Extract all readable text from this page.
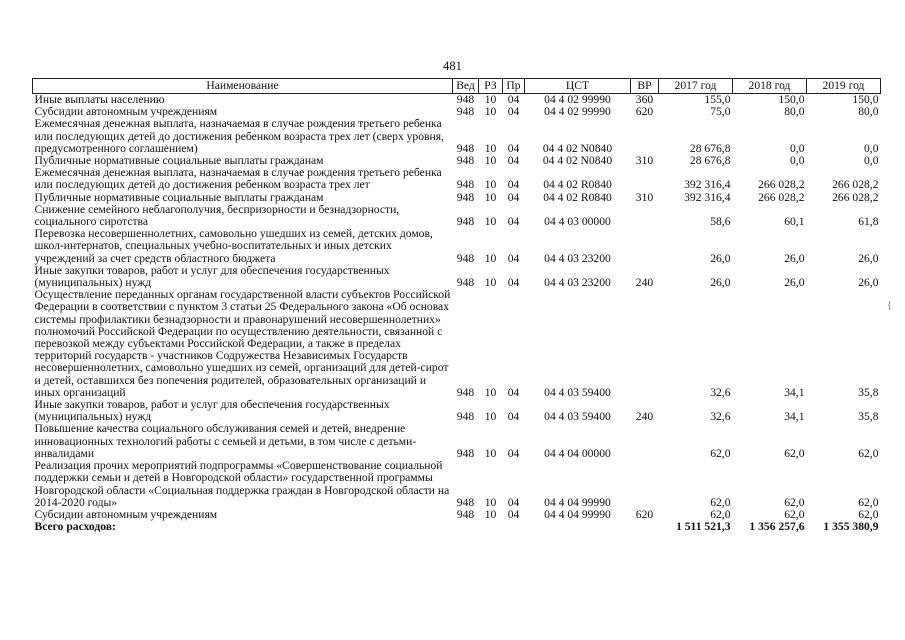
481
Наименование	Вед	РЗ	Пр	ЦСТ	ВР	2017 год	2018 год	2019 год
Иные выплаты населению	948	10	04	04 4 02 99990	360	155,0	150,0	150,0
Субсидии автономным учреждениям	948	10	04	04 4 02 99990	620	75,0	80,0	80,0
Ежемесячная денежная выплата, назначаемая в случае рождения третьего ребенка или последующих детей до достижения ребенком возраста трех лет (сверх уровня, предусмотренного соглашением)	948	10	04	04 4 02 N0840		28 676,8	0,0	0,0
Публичные нормативные социальные выплаты гражданам	948	10	04	04 4 02 N0840	310	28 676,8	0,0	0,0
Ежемесячная денежная выплата, назначаемая в случае рождения третьего ребенка или последующих детей до достижения ребенком возраста трех лет	948	10	04	04 4 02 R0840		392 316,4	266 028,2	266 028,2
Публичные нормативные социальные выплаты гражданам	948	10	04	04 4 02 R0840	310	392 316,4	266 028,2	266 028,2
Снижение семейного неблагополучия, беспризорности и безнадзорности, социального сиротства	948	10	04	04 4 03 00000		58,6	60,1	61,8
Перевозка несовершеннолетних, самовольно ушедших из семей, детских домов, школ-интернатов, специальных учебно-воспитательных и иных детских учреждений за счет средств областного бюджета	948	10	04	04 4 03 23200		26,0	26,0	26,0
Иные закупки товаров, работ и услуг для обеспечения государственных (муниципальных) нужд	948	10	04	04 4 03 23200	240	26,0	26,0	26,0
Осуществление переданных органам государственной власти субъектов Российской Федерации в соответствии с пунктом 3 статьи 25 Федерального закона «Об основах системы профилактики безнадзорности и правонарушений несовершеннолетних» полномочий Российской Федерации по осуществлению деятельности, связанной с перевозкой между субъектами Российской Федерации, а также в пределах территорий государств - участников Содружества Независимых Государств несовершеннолетних, самовольно ушедших из семей, организаций для детей-сирот и детей, оставшихся без попечения родителей, образовательных организаций и иных организаций	948	10	04	04 4 03 59400		32,6	34,1	35,8
Иные закупки товаров, работ и услуг для обеспечения государственных (муниципальных) нужд	948	10	04	04 4 03 59400	240	32,6	34,1	35,8
Повышение качества социального обслуживания семей и детей, внедрение инновационных технологий работы с семьей и детьми, в том числе с детьми-инвалидами	948	10	04	04 4 04 00000		62,0	62,0	62,0
Реализация прочих мероприятий подпрограммы «Совершенствование социальной поддержки семьи и детей в Новгородской области» государственной программы Новгородской области «Социальная поддержка граждан в Новгородской области на 2014-2020 годы»	948	10	04	04 4 04 99990		62,0	62,0	62,0
Субсидии автономным учреждениям	948	10	04	04 4 04 99990	620	62,0	62,0	62,0
Всего расходов:						1 511 521,3	1 356 257,6	1 355 380,9
{
